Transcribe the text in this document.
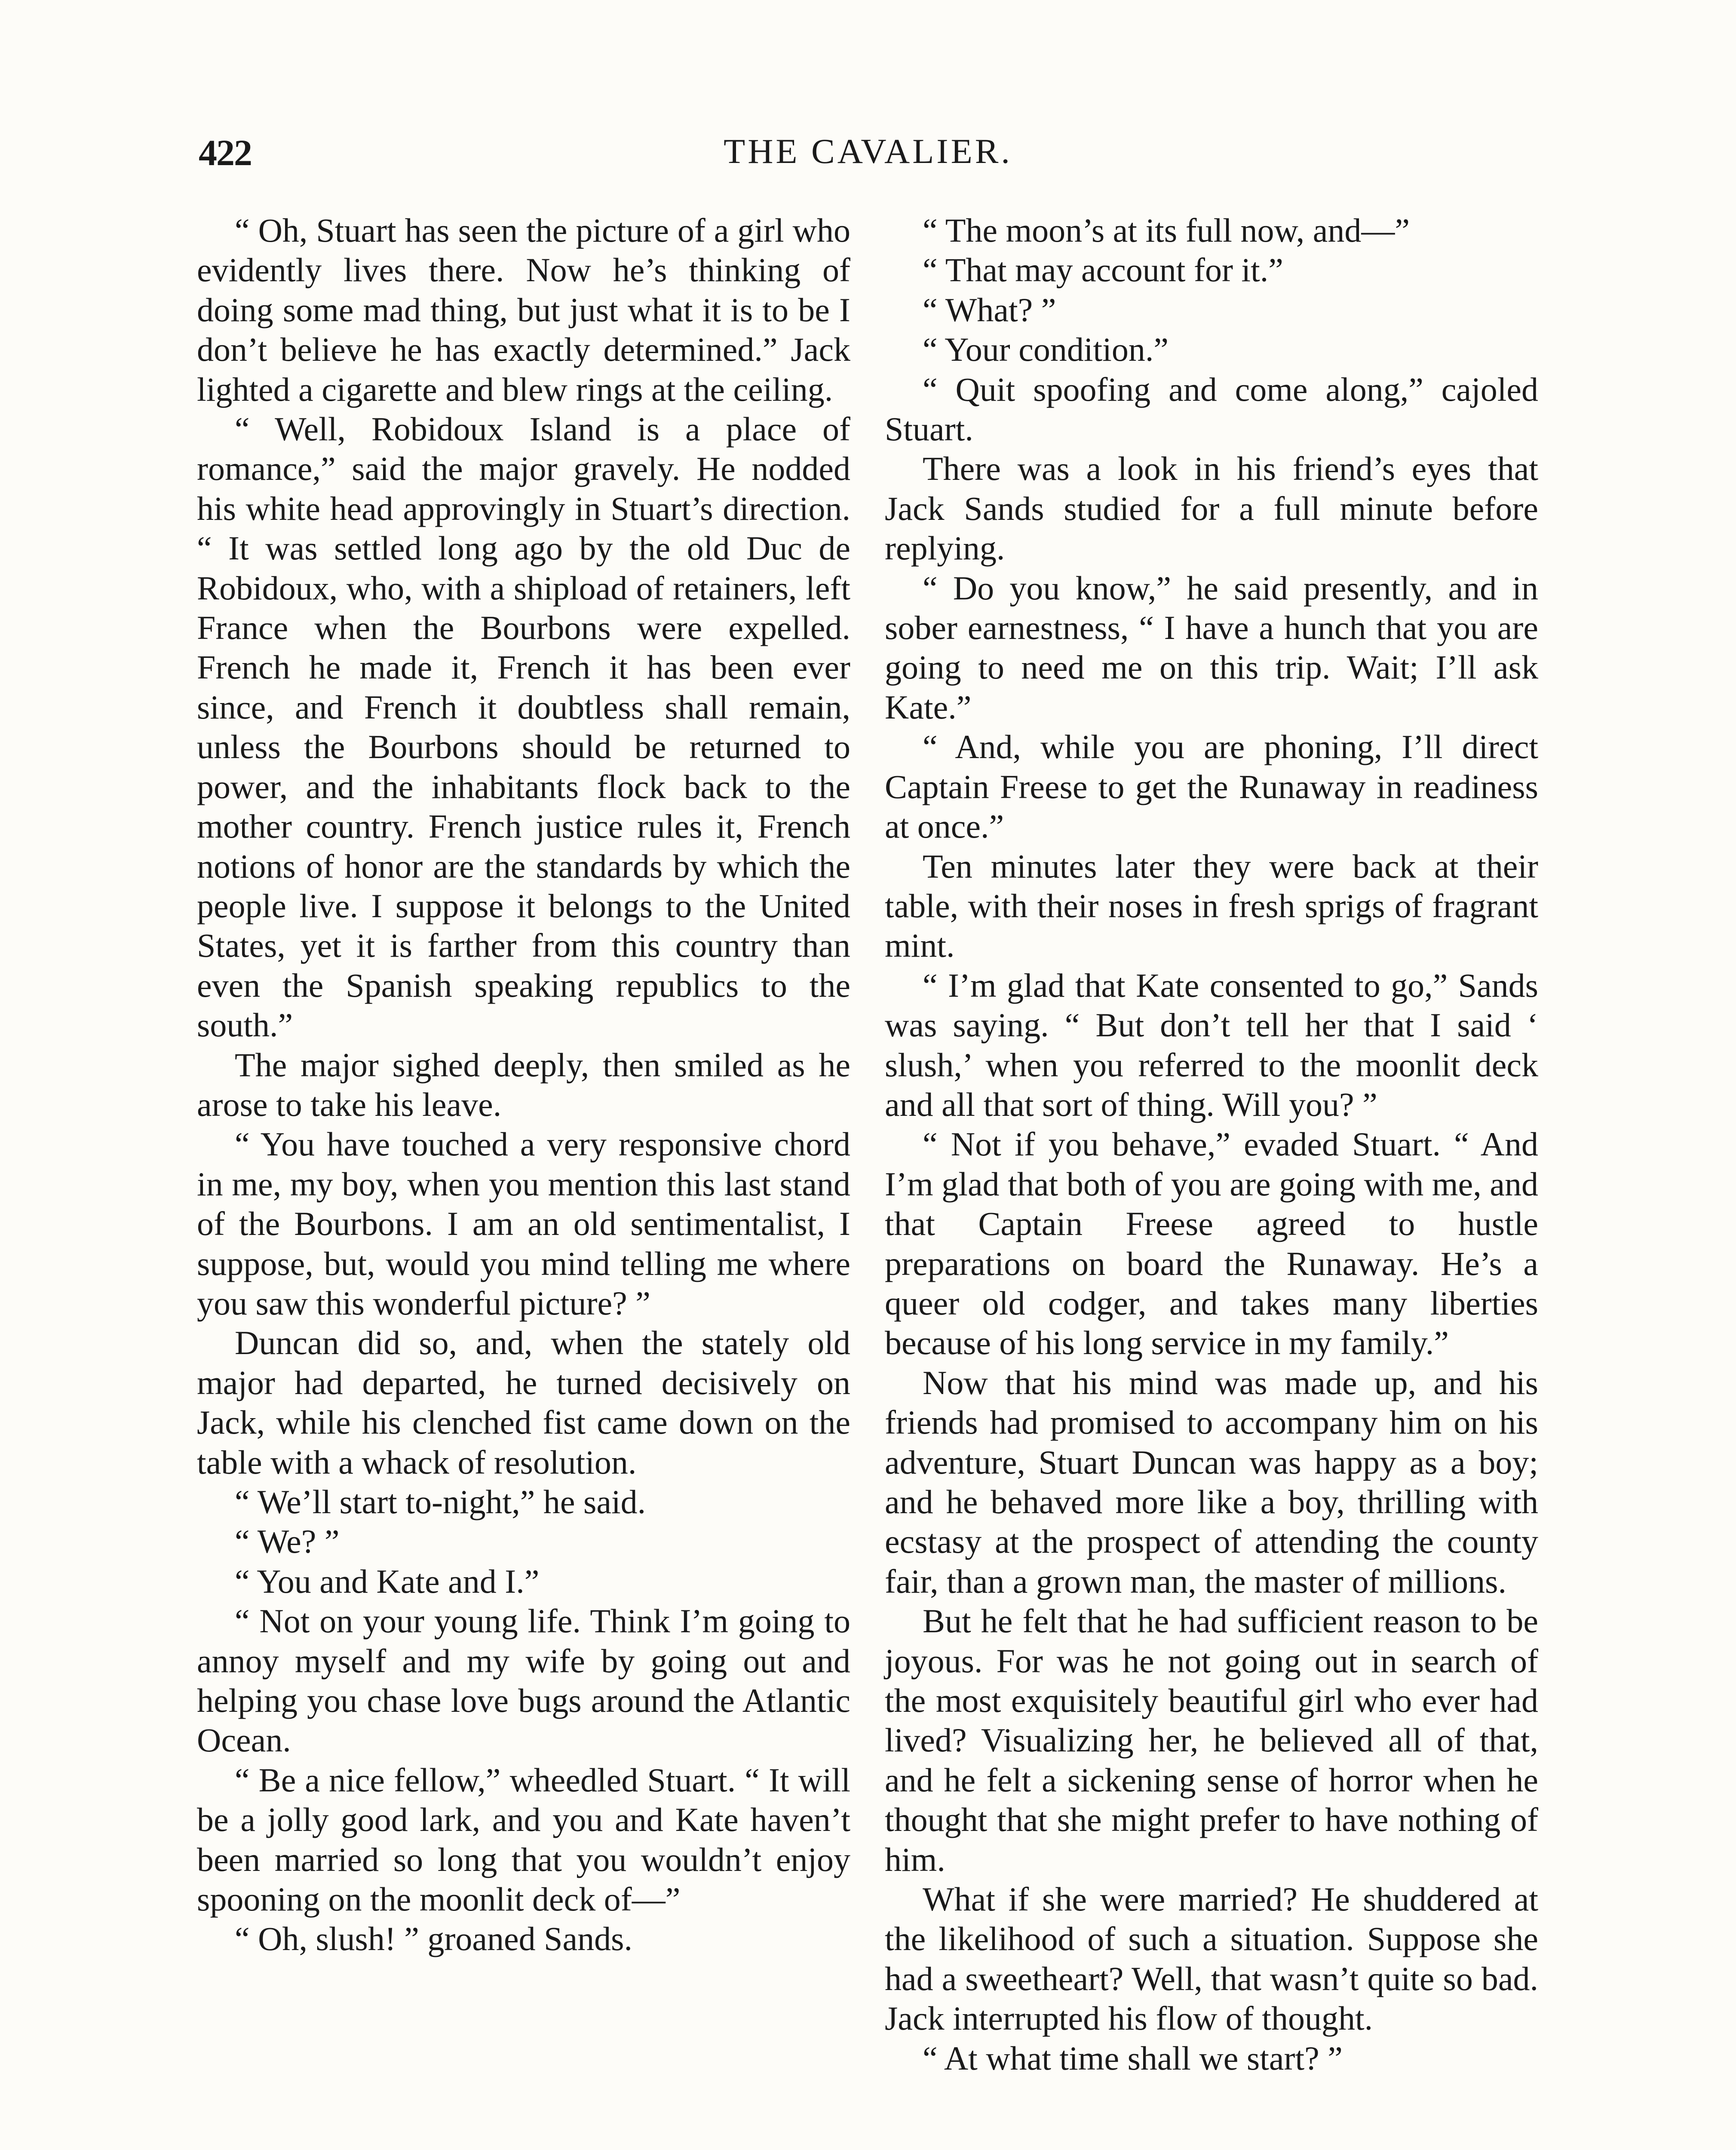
422	THE CAVALIER.

“ Oh, Stuart has seen the picture of a girl who evidently lives there. Now he’s thinking of doing some mad thing, but just what it is to be I don’t believe he has exactly determined.” Jack lighted a cigarette and blew rings at the ceiling.

“ Well, Robidoux Island is a place of romance,” said the major gravely. He nodded his white head approvingly in Stuart’s direction. “ It was settled long ago by the old Duc de Robidoux, who, with a shipload of retainers, left France when the Bourbons were expelled. French he made it, French it has been ever since, and French it doubtless shall remain, unless the Bourbons should be returned to power, and the inhabitants flock back to the mother country. French justice rules it, French notions of honor are the standards by which the people live. I suppose it belongs to the United States, yet it is farther from this country than even the Spanish speaking republics to the south.”

The major sighed deeply, then smiled as he arose to take his leave.

“ You have touched a very responsive chord in me, my boy, when you mention this last stand of the Bourbons. I am an old sentimentalist, I suppose, but, would you mind telling me where you saw this wonderful picture? ”

Duncan did so, and, when the stately old major had departed, he turned decisively on Jack, while his clenched fist came down on the table with a whack of resolution.

“ We’ll start to-night,” he said.

“ We? ”

“ You and Kate and I.”

“ Not on your young life. Think I’m going to annoy myself and my wife by going out and helping you chase love bugs around the Atlantic Ocean.

“ Be a nice fellow,” wheedled Stuart. “ It will be a jolly good lark, and you and Kate haven’t been married so long that you wouldn’t enjoy spooning on the moonlit deck of—”

“ Oh, slush! ” groaned Sands.

“ The moon’s at its full now, and—”

“ That may account for it.”

“ What? ”

“ Your condition.”

“ Quit spoofing and come along,” cajoled Stuart.

There was a look in his friend’s eyes that Jack Sands studied for a full minute before replying.

“ Do you know,” he said presently, and in sober earnestness, “ I have a hunch that you are going to need me on this trip. Wait; I’ll ask Kate.”

“ And, while you are phoning, I’ll direct Captain Freese to get the Runaway in readiness at once.”

Ten minutes later they were back at their table, with their noses in fresh sprigs of fragrant mint.

“ I’m glad that Kate consented to go,” Sands was saying. “ But don’t tell her that I said ‘ slush,’ when you referred to the moonlit deck and all that sort of thing. Will you? ”

“ Not if you behave,” evaded Stuart. “ And I’m glad that both of you are going with me, and that Captain Freese agreed to hustle preparations on board the Runaway. He’s a queer old codger, and takes many liberties because of his long service in my family.”

Now that his mind was made up, and his friends had promised to accompany him on his adventure, Stuart Duncan was happy as a boy; and he behaved more like a boy, thrilling with ecstasy at the prospect of attending the county fair, than a grown man, the master of millions.

But he felt that he had sufficient reason to be joyous. For was he not going out in search of the most exquisitely beautiful girl who ever had lived? Visualizing her, he believed all of that, and he felt a sickening sense of horror when he thought that she might prefer to have nothing of him.

What if she were married? He shuddered at the likelihood of such a situation. Suppose she had a sweetheart? Well, that wasn’t quite so bad. Jack interrupted his flow of thought.

“ At what time shall we start? ”
